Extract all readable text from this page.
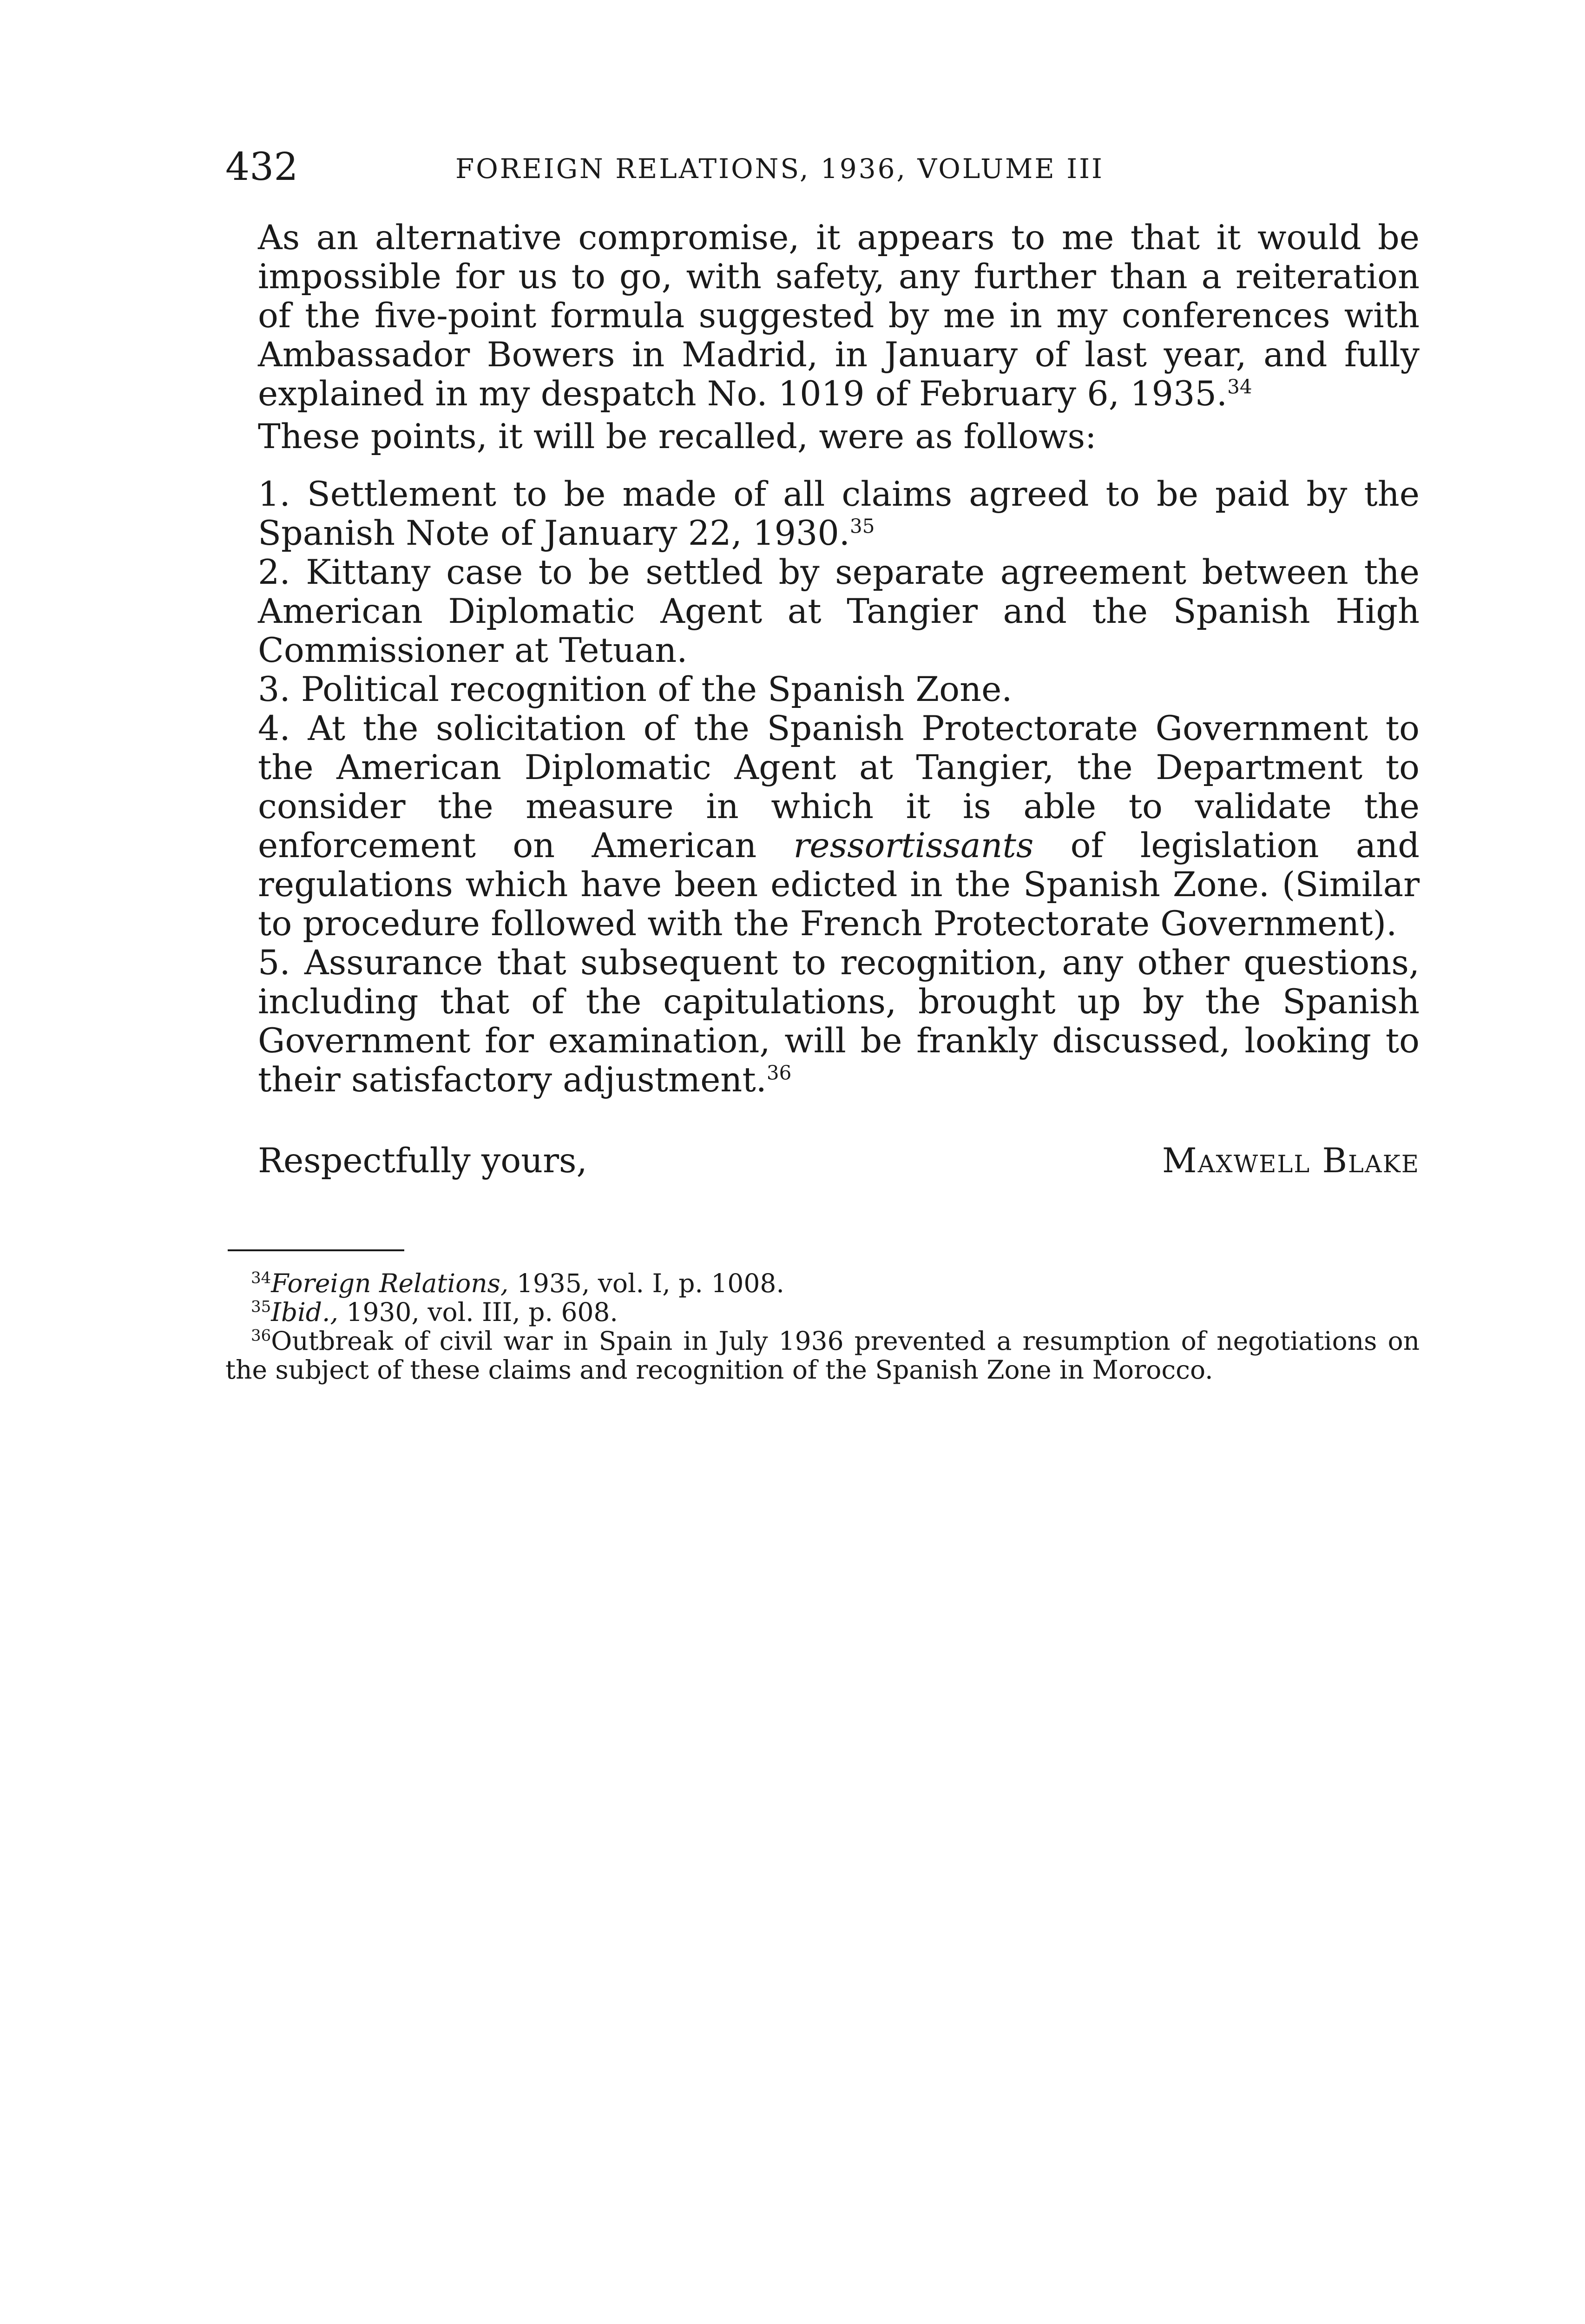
432	FOREIGN RELATIONS, 1936, VOLUME III

As an alternative compromise, it appears to me that it would be impossible for us to go, with safety, any further than a reiteration of the five-point formula suggested by me in my conferences with Ambassador Bowers in Madrid, in January of last year, and fully explained in my despatch No. 1019 of February 6, 1935.34

These points, it will be recalled, were as follows:

1. Settlement to be made of all claims agreed to be paid by the Spanish Note of January 22, 1930.35

2. Kittany case to be settled by separate agreement between the American Diplomatic Agent at Tangier and the Spanish High Commissioner at Tetuan.

3. Political recognition of the Spanish Zone.

4. At the solicitation of the Spanish Protectorate Government to the American Diplomatic Agent at Tangier, the Department to consider the measure in which it is able to validate the enforcement on American ressortissants of legislation and regulations which have been edicted in the Spanish Zone. (Similar to procedure followed with the French Protectorate Government).

5. Assurance that subsequent to recognition, any other questions, including that of the capitulations, brought up by the Spanish Government for examination, will be frankly discussed, looking to their satisfactory adjustment.$^{36}$

Respectfully yours,	Maxwell Blake

$^{34}$Foreign Relations, 1935, vol. I, p. 1008.

$^{35}$Ibid., 1930, vol. III, p. 608.

$^{36}$Outbreak of civil war in Spain in July 1936 prevented a resumption of negotiations on the subject of these claims and recognition of the Spanish Zone in Morocco.
